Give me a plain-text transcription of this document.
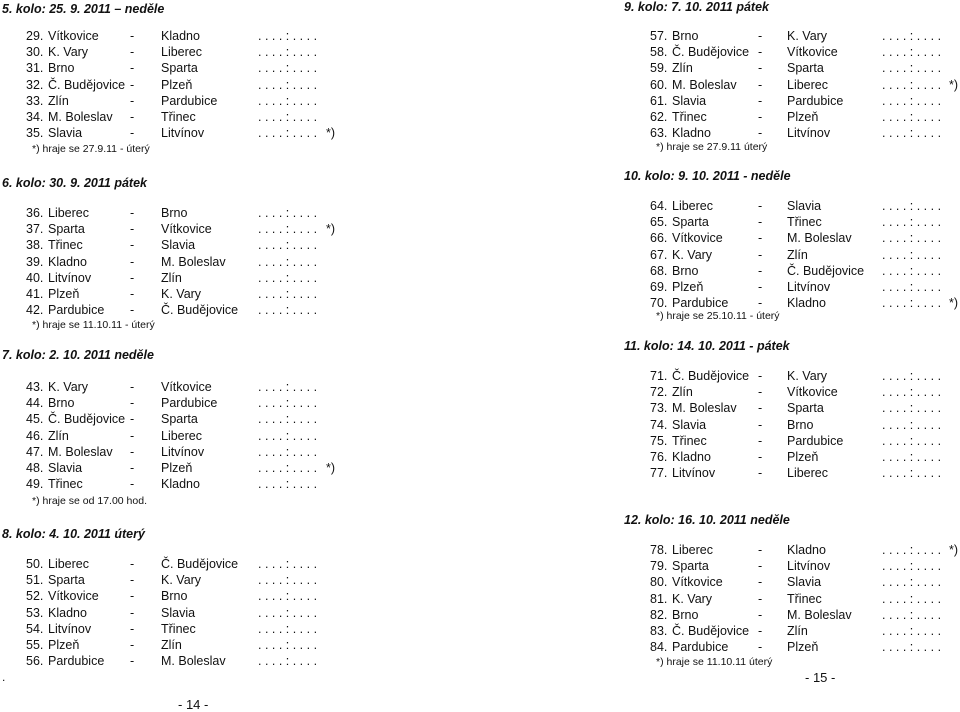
5. kolo: 25. 9. 2011 – neděle
29. Vítkovice	- Kladno	. . . . : . . . .
30. K. Vary	- Liberec	. . . . : . . . .
31. Brno	- Sparta	. . . . : . . . .
32. Č. Budějovice - Plzeň	. . . . : . . . .
33. Zlín	- Pardubice	. . . . : . . . .
34. M. Boleslav - Třinec	. . . . : . . . .
35. Slavia	- Litvínov	. . . . : . . . . *)
*) hraje se 27.9.11 - úterý
6. kolo: 30. 9. 2011 pátek
36. Liberec	- Brno	. . . . : . . . .
37. Sparta	- Vítkovice	. . . . : . . . . *)
38. Třinec	- Slavia	. . . . : . . . .
39. Kladno	- M. Boleslav	. . . . : . . . .
40. Litvínov	- Zlín	. . . . : . . . .
41. Plzeň	- K. Vary	. . . . : . . . .
42. Pardubice - Č. Budějovice . . . . : . . . .
*) hraje se 11.10.11 - úterý
7. kolo: 2. 10. 2011 neděle
43. K. Vary	- Vítkovice	. . . . : . . . .
44. Brno	- Pardubice	. . . . : . . . .
45. Č. Budějovice - Sparta	. . . . : . . . .
46. Zlín	- Liberec	. . . . : . . . .
47. M. Boleslav - Litvínov	. . . . : . . . .
48. Slavia	- Plzeň	. . . . : . . . . *)
49. Třinec	- Kladno	. . . . : . . . .
*) hraje se od 17.00 hod.
8. kolo: 4. 10. 2011 úterý
50. Liberec	- Č. Budějovice . . . . : . . . .
51. Sparta	- K. Vary	. . . . : . . . .
52. Vítkovice	- Brno	. . . . : . . . .
53. Kladno	- Slavia	. . . . : . . . .
54. Litvínov	- Třinec	. . . . : . . . .
55. Plzeň	- Zlín	. . . . : . . . .
56. Pardubice - M. Boleslav	. . . . : . . . .
9. kolo: 7. 10. 2011 pátek
57. Brno	- K. Vary	. . . . : . . . .
58. Č. Budějovice - Vítkovice	. . . . : . . . .
59. Zlín	- Sparta	. . . . : . . . .
60. M. Boleslav - Liberec	. . . . : . . . . *)
61. Slavia	- Pardubice	. . . . : . . . .
62. Třinec	- Plzeň	. . . . : . . . .
63. Kladno	- Litvínov	. . . . : . . . .
*) hraje se 27.9.11 úterý
10. kolo: 9. 10. 2011 - neděle
64. Liberec	- Slavia	. . . . : . . . .
65. Sparta	- Třinec	. . . . : . . . .
66. Vítkovice	- M. Boleslav . . . . : . . . .
67. K. Vary	- Zlín	. . . . : . . . .
68. Brno	- Č. Budějovice . . . . : . . . .
69. Plzeň	- Litvínov	. . . . : . . . .
70. Pardubice - Kladno	. . . . : . . . . *)
*) hraje se 25.10.11 - úterý
11. kolo: 14. 10. 2011 - pátek
71. Č. Budějovice - K. Vary	. . . . : . . . .
72. Zlín	- Vítkovice	. . . . : . . . .
73. M. Boleslav - Sparta	. . . . : . . . .
74. Slavia	- Brno	. . . . : . . . .
75. Třinec	- Pardubice	. . . . : . . . .
76. Kladno	- Plzeň	. . . . : . . . .
77. Litvínov	- Liberec	. . . . : . . . .
12. kolo: 16. 10. 2011 neděle
78. Liberec	- Kladno	. . . . : . . . . *)
79. Sparta	- Litvínov	. . . . : . . . .
80. Vítkovice	- Slavia	. . . . : . . . .
81. K. Vary	- Třinec	. . . . : . . . .
82. Brno	- M. Boleslav . . . . : . . . .
83. Č. Budějovice - Zlín	. . . . : . . . .
84. Pardubice - Plzeň	. . . . : . . . .
*) hraje se 11.10.11 úterý
.
- 14 -
- 15 -
